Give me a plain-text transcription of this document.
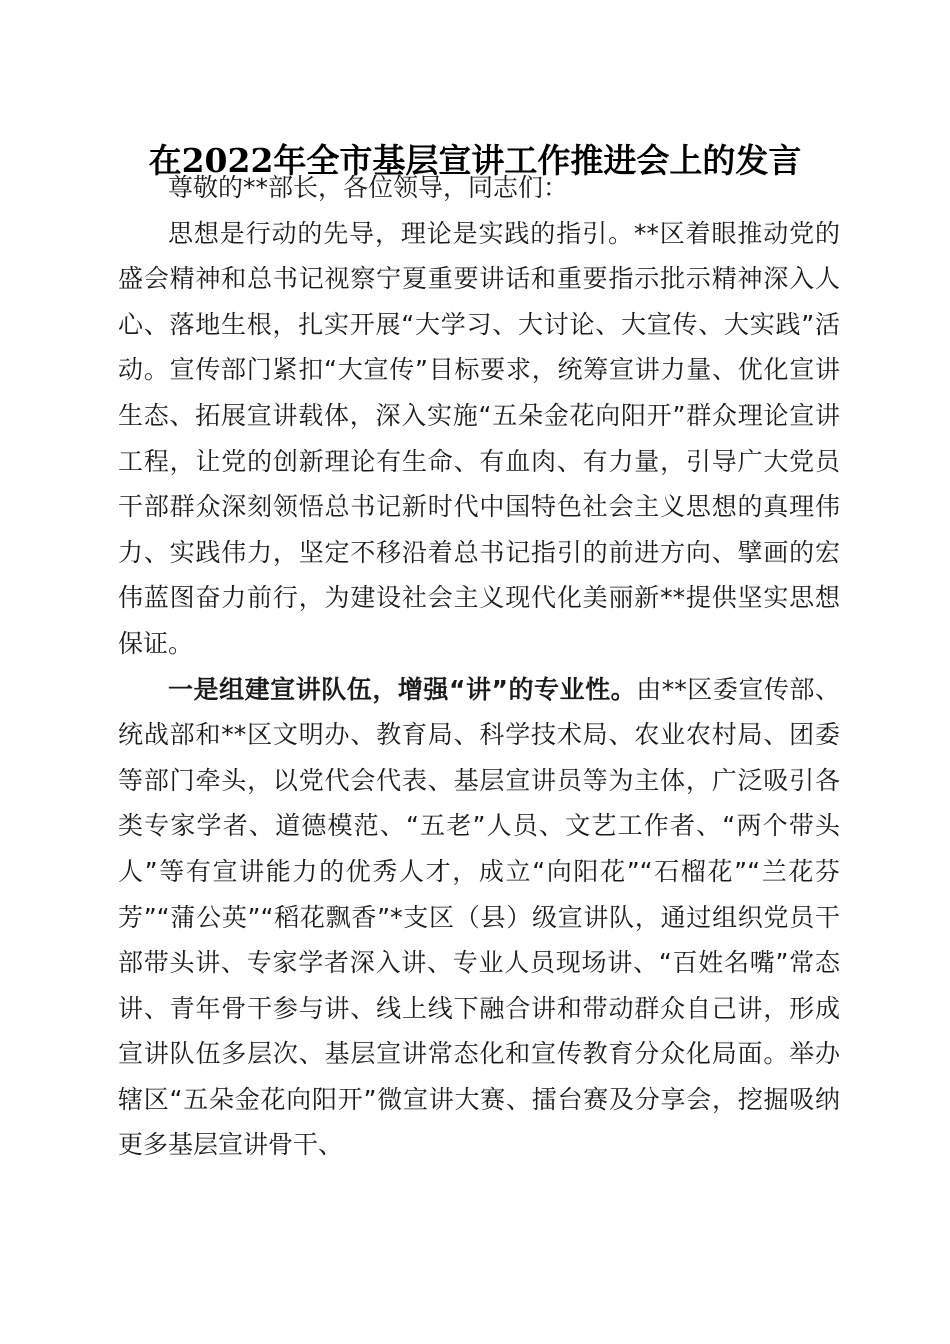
在2022年全市基层宣讲工作推进会上的发言

尊敬的**部长，各位领导，同志们：

思想是行动的先导，理论是实践的指引。**区着眼推动党的盛会精神和总书记视察宁夏重要讲话和重要指示批示精神深入人心、落地生根，扎实开展“大学习、大讨论、大宣传、大实践”活动。宣传部门紧扣“大宣传”目标要求，统筹宣讲力量、优化宣讲生态、拓展宣讲载体，深入实施“五朵金花向阳开”群众理论宣讲工程，让党的创新理论有生命、有血肉、有力量，引导广大党员干部群众深刻领悟总书记新时代中国特色社会主义思想的真理伟力、实践伟力，坚定不移沿着总书记指引的前进方向、擘画的宏伟蓝图奋力前行，为建设社会主义现代化美丽新**提供坚实思想保证。

一是组建宣讲队伍，增强“讲”的专业性。由**区委宣传部、统战部和**区文明办、教育局、科学技术局、农业农村局、团委等部门牵头，以党代会代表、基层宣讲员等为主体，广泛吸引各类专家学者、道德模范、“五老”人员、文艺工作者、“两个带头人”等有宣讲能力的优秀人才，成立“向阳花”“石榴花”“兰花芬芳”“蒲公英”“稻花飘香”*支区（县）级宣讲队，通过组织党员干部带头讲、专家学者深入讲、专业人员现场讲、“百姓名嘴”常态讲、青年骨干参与讲、线上线下融合讲和带动群众自己讲，形成宣讲队伍多层次、基层宣讲常态化和宣传教育分众化局面。举办辖区“五朵金花向阳开”微宣讲大赛、擂台赛及分享会，挖掘吸纳更多基层宣讲骨干、
